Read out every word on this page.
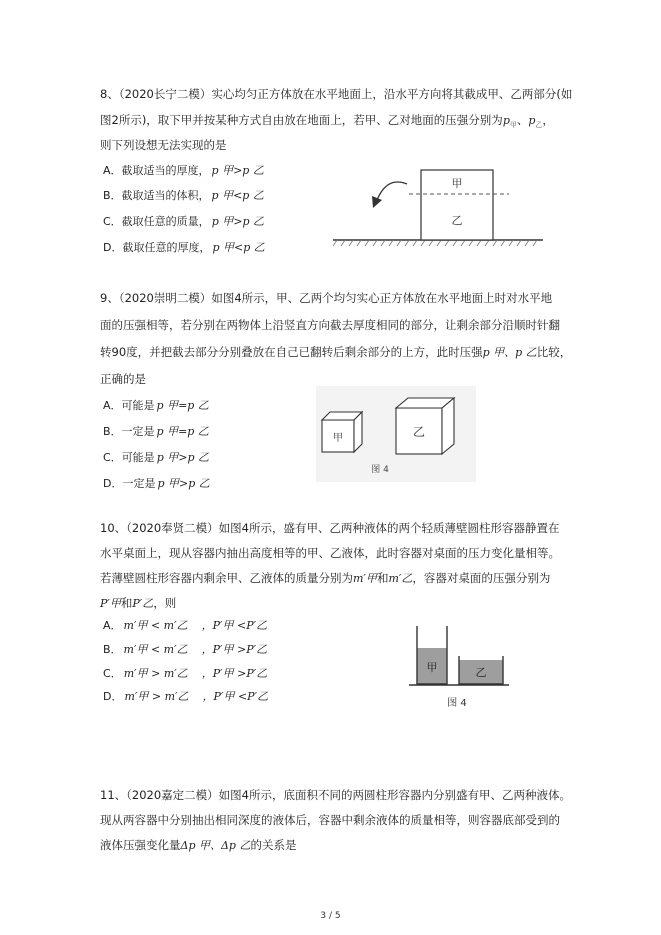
8、（2020长宁二模）实心均匀正方体放在水平地面上，沿水平方向将其截成甲、乙两部分(如
图2所示)，取下甲并按某种方式自由放在地面上，若甲、乙对地面的压强分别为$p_甲$、$p_乙$，
则下列设想无法实现的是
A．截取适当的厚度， p 甲>p 乙
B．截取适当的体积， p 甲<p 乙
C．截取任意的质量， p 甲>p 乙
D．截取任意的厚度， p 甲<p 乙
甲
乙
9、（2020崇明二模）如图4所示，甲、乙两个均匀实心正方体放在水平地面上时对水平地
面的压强相等，若分别在两物体上沿竖直方向截去厚度相同的部分，让剩余部分沿顺时针翻
转90度，并把截去部分分别叠放在自己已翻转后剩余部分的上方，此时压强p 甲、p 乙比较，
正确的是
A．可能是 p 甲=p 乙
B．一定是 p 甲=p 乙
C．可能是 p 甲>p 乙
D．一定是 p 甲>p 乙
甲	乙
图 4
10、（2020奉贤二模）如图4所示，盛有甲、乙两种液体的两个轻质薄壁圆柱形容器静置在
水平桌面上，现从容器内抽出高度相等的甲、乙液体，此时容器对桌面的压力变化量相等。
若薄壁圆柱形容器内剩余甲、乙液体的质量分别为m′甲和m′乙，容器对桌面的压强分别为
P′甲和P′乙，则
A． m′甲 < m′乙 ，P′甲 <P′乙
B． m′甲 < m′乙 ，P′甲 >P′乙
C． m′甲 > m′乙 ，P′甲 >P′乙
D． m′甲 > m′乙 ，P′甲 <P′乙
甲	乙
图 4
11、（2020嘉定二模）如图4所示，底面积不同的两圆柱形容器内分别盛有甲、乙两种液体。
现从两容器中分别抽出相同深度的液体后，容器中剩余液体的质量相等，则容器底部受到的
液体压强变化量Δp 甲、Δp 乙的关系是
3 / 5
